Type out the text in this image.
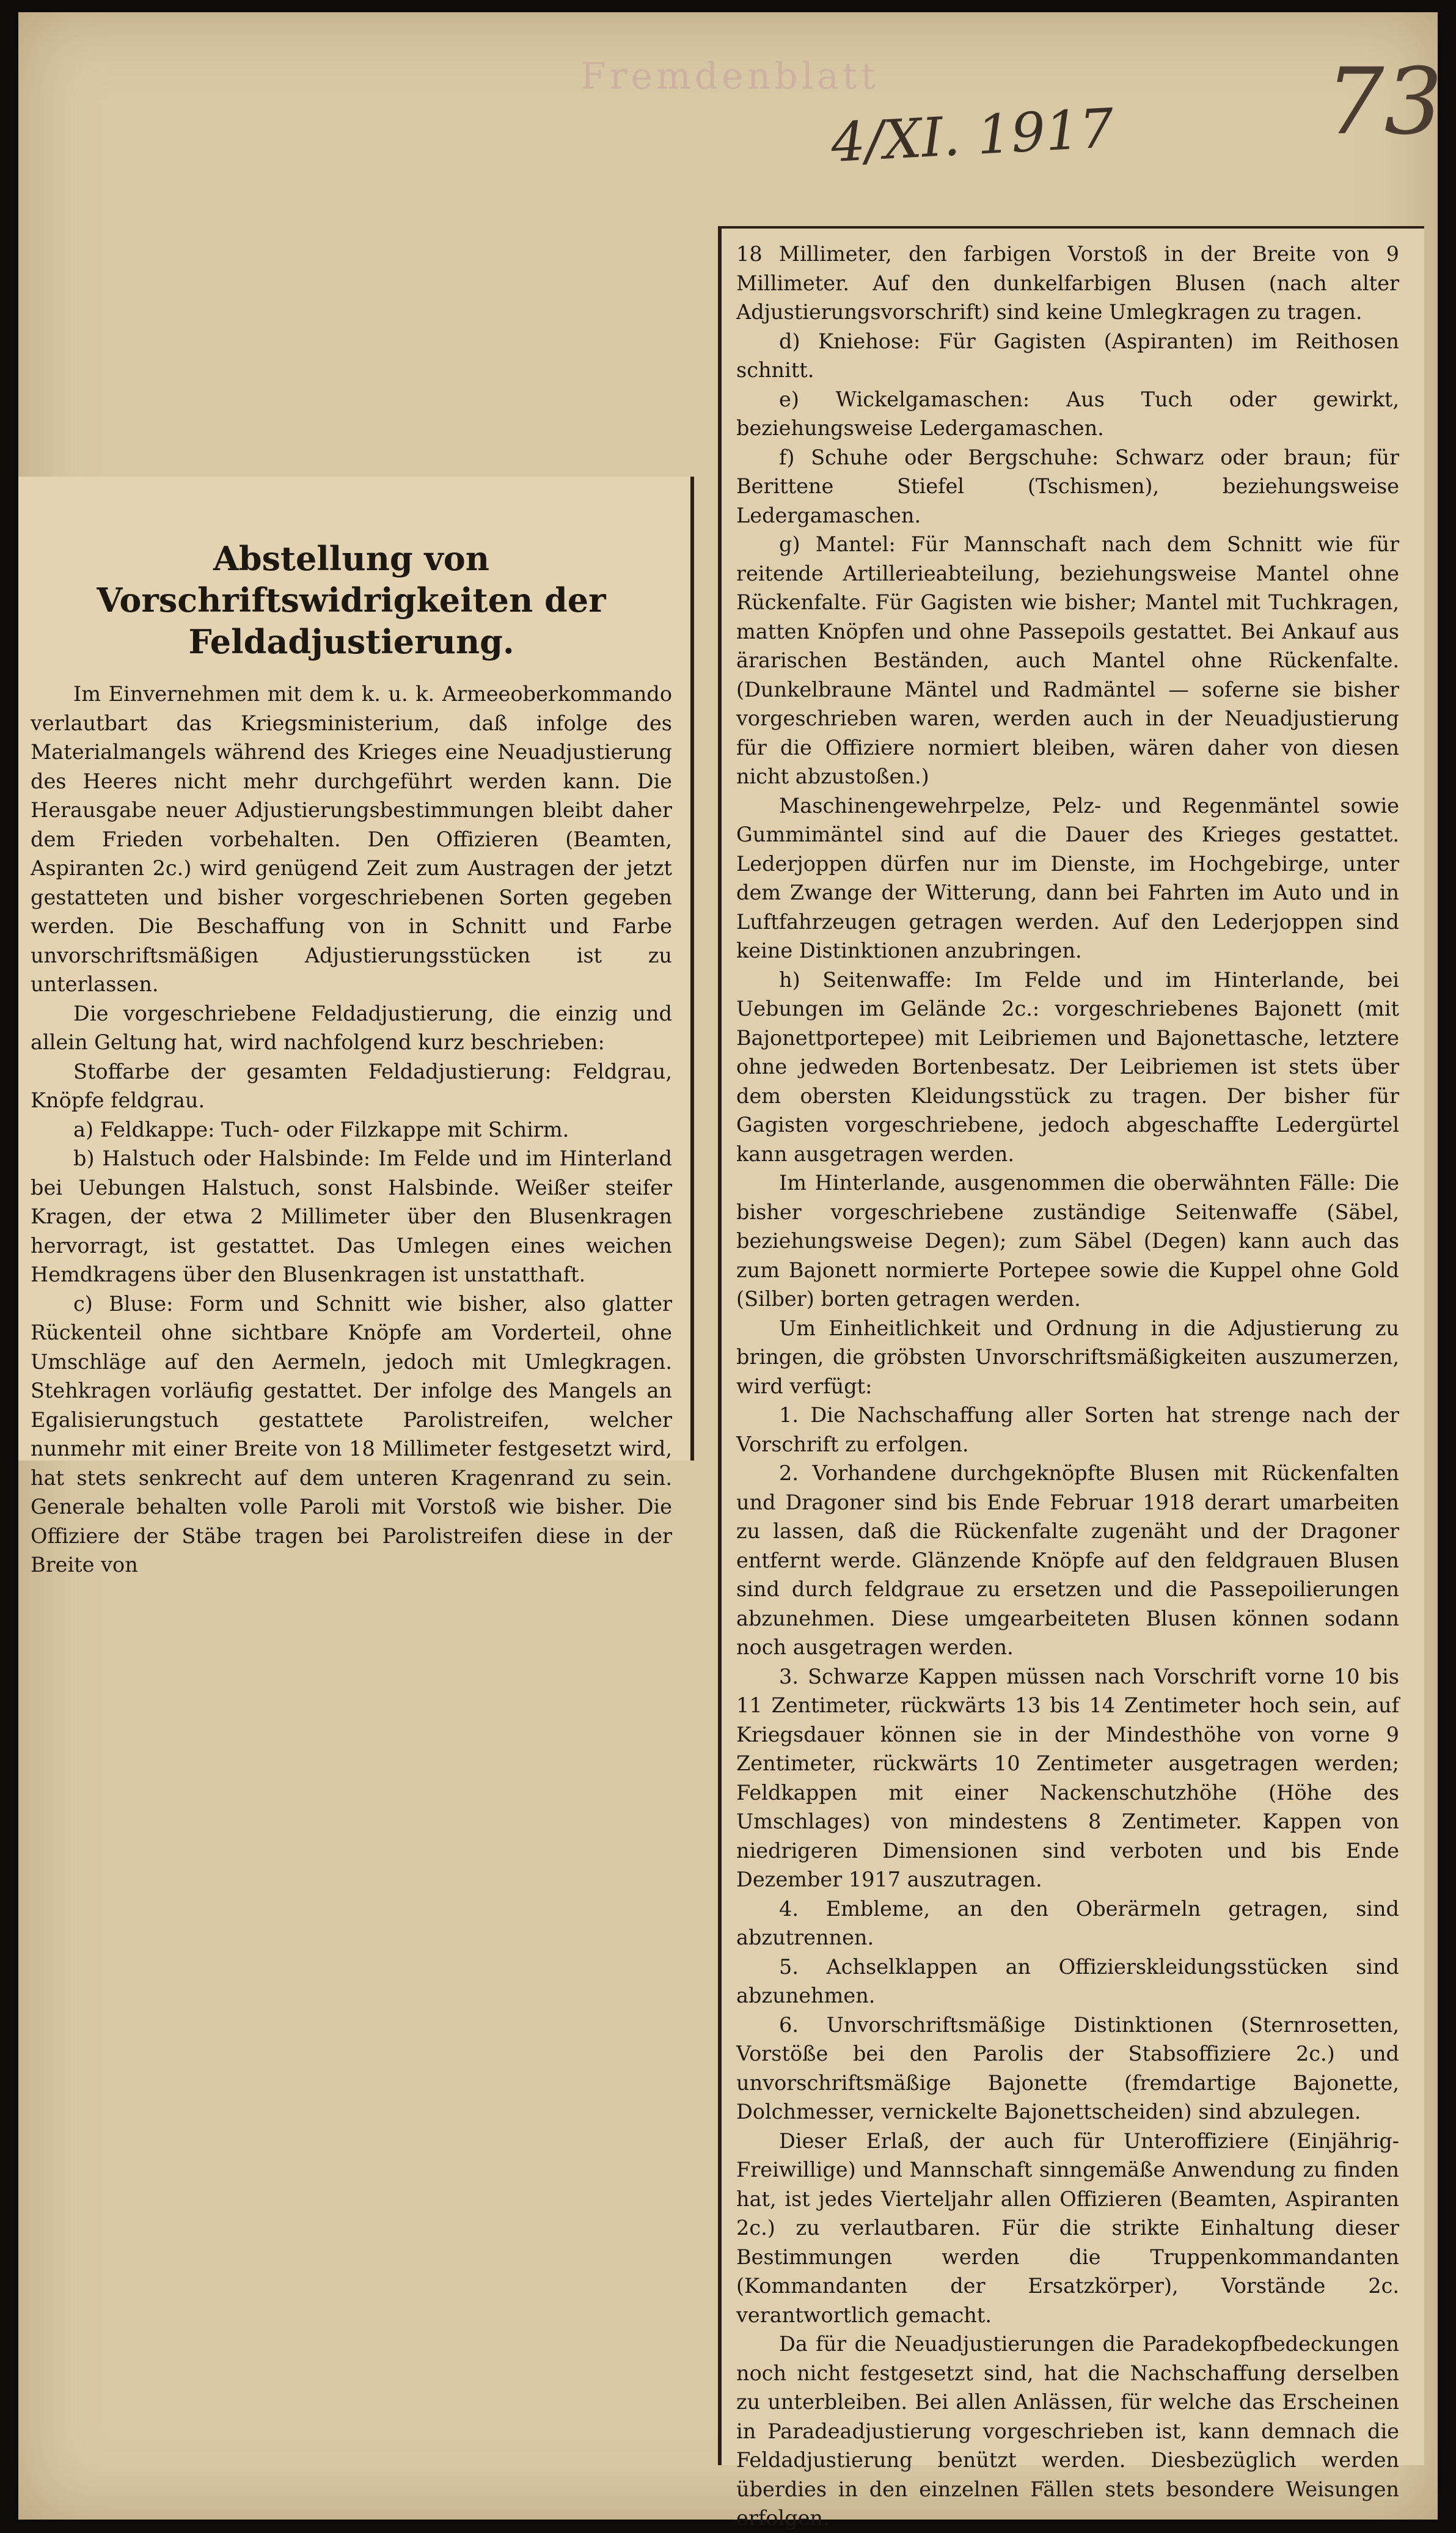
Fremdenblatt
4/XI. 1917 73
Abstellung von Vorschriftswidrigkeiten der Feldadjustierung.

Im Einvernehmen mit dem k. u. k. Armeeoberkommando verlautbart das Kriegsministerium, daß infolge des Materialmangels während des Krieges eine Neuadjustierung des Heeres nicht mehr durchgeführt werden kann. Die Herausgabe neuer Adjustierungsbestimmungen bleibt daher dem Frieden vorbehalten. Den Offizieren (Beamten, Aspiranten 2c.) wird genügend Zeit zum Austragen der jetzt gestatteten und bisher vorgeschriebenen Sorten gegeben werden. Die Beschaffung von in Schnitt und Farbe unvorschriftsmäßigen Adjustierungsstücken ist zu unterlassen.

Die vorgeschriebene Feldadjustierung, die einzig und allein Geltung hat, wird nachfolgend kurz beschrieben:

Stoffarbe der gesamten Feldadjustierung: Feldgrau, Knöpfe feldgrau.

a) Feldkappe: Tuch- oder Filzkappe mit Schirm.

b) Halstuch oder Halsbinde: Im Felde und im Hinterland bei Uebungen Halstuch, sonst Halsbinde. Weißer steifer Kragen, der etwa 2 Millimeter über den Blusenkragen hervorragt, ist gestattet. Das Umlegen eines weichen Hemdkragens über den Blusenkragen ist unstatthaft.

c) Bluse: Form und Schnitt wie bisher, also glatter Rückenteil ohne sichtbare Knöpfe am Vorderteil, ohne Umschläge auf den Aermeln, jedoch mit Umlegkragen. Stehkragen vorläufig gestattet. Der infolge des Mangels an Egalisierungstuch gestattete Parolistreifen, welcher nunmehr mit einer Breite von 18 Millimeter festgesetzt wird, hat stets senkrecht auf dem unteren Kragenrand zu sein. Generale behalten volle Paroli mit Vorstoß wie bisher. Die Offiziere der Stäbe tragen bei Parolistreifen diese in der Breite von

18 Millimeter, den farbigen Vorstoß in der Breite von 9 Millimeter. Auf den dunkelfarbigen Blusen (nach alter Adjustierungsvorschrift) sind keine Umlegkragen zu tragen.

d) Kniehose: Für Gagisten (Aspiranten) im Reithosen schnitt.

e) Wickelgamaschen: Aus Tuch oder gewirkt, beziehungsweise Ledergamaschen.

f) Schuhe oder Bergschuhe: Schwarz oder braun; für Berittene Stiefel (Tschismen), beziehungsweise Ledergamaschen.

g) Mantel: Für Mannschaft nach dem Schnitt wie für reitende Artillerieabteilung, beziehungsweise Mantel ohne Rückenfalte. Für Gagisten wie bisher; Mantel mit Tuchkragen, matten Knöpfen und ohne Passepoils gestattet. Bei Ankauf aus ärarischen Beständen, auch Mantel ohne Rückenfalte. (Dunkelbraune Mäntel und Radmäntel — soferne sie bisher vorgeschrieben waren, werden auch in der Neuadjustierung für die Offiziere normiert bleiben, wären daher von diesen nicht abzustoßen.)

Maschinengewehrpelze, Pelz- und Regenmäntel sowie Gummimäntel sind auf die Dauer des Krieges gestattet. Lederjoppen dürfen nur im Dienste, im Hochgebirge, unter dem Zwange der Witterung, dann bei Fahrten im Auto und in Luftfahrzeugen getragen werden. Auf den Lederjoppen sind keine Distinktionen anzubringen.

h) Seitenwaffe: Im Felde und im Hinterlande, bei Uebungen im Gelände 2c.: vorgeschriebenes Bajonett (mit Bajonettportepee) mit Leibriemen und Bajonettasche, letztere ohne jedweden Bortenbesatz. Der Leibriemen ist stets über dem obersten Kleidungsstück zu tragen. Der bisher für Gagisten vorgeschriebene, jedoch abgeschaffte Ledergürtel kann ausgetragen werden.

Im Hinterlande, ausgenommen die oberwähnten Fälle: Die bisher vorgeschriebene zuständige Seitenwaffe (Säbel, beziehungsweise Degen); zum Säbel (Degen) kann auch das zum Bajonett normierte Portepee sowie die Kuppel ohne Gold (Silber) borten getragen werden.

Um Einheitlichkeit und Ordnung in die Adjustierung zu bringen, die gröbsten Unvorschriftsmäßigkeiten auszumerzen, wird verfügt:

1. Die Nachschaffung aller Sorten hat strenge nach der Vorschrift zu erfolgen.

2. Vorhandene durchgeknöpfte Blusen mit Rückenfalten und Dragoner sind bis Ende Februar 1918 derart umarbeiten zu lassen, daß die Rückenfalte zugenäht und der Dragoner entfernt werde. Glänzende Knöpfe auf den feldgrauen Blusen sind durch feldgraue zu ersetzen und die Passepoilierungen abzunehmen. Diese umgearbeiteten Blusen können sodann noch ausgetragen werden.

3. Schwarze Kappen müssen nach Vorschrift vorne 10 bis 11 Zentimeter, rückwärts 13 bis 14 Zentimeter hoch sein, auf Kriegsdauer können sie in der Mindesthöhe von vorne 9 Zentimeter, rückwärts 10 Zentimeter ausgetragen werden; Feldkappen mit einer Nackenschutzhöhe (Höhe des Umschlages) von mindestens 8 Zentimeter. Kappen von niedrigeren Dimensionen sind verboten und bis Ende Dezember 1917 auszutragen.

4. Embleme, an den Oberärmeln getragen, sind abzutrennen.

5. Achselklappen an Offizierskleidungsstücken sind abzunehmen.

6. Unvorschriftsmäßige Distinktionen (Sternrosetten, Vorstöße bei den Parolis der Stabsoffiziere 2c.) und unvorschriftsmäßige Bajonette (fremdartige Bajonette, Dolchmesser, vernickelte Bajonettscheiden) sind abzulegen.

Dieser Erlaß, der auch für Unteroffiziere (Einjährig-Freiwillige) und Mannschaft sinngemäße Anwendung zu finden hat, ist jedes Vierteljahr allen Offizieren (Beamten, Aspiranten 2c.) zu verlautbaren. Für die strikte Einhaltung dieser Bestimmungen werden die Truppenkommandanten (Kommandanten der Ersatzkörper), Vorstände 2c. verantwortlich gemacht.

Da für die Neuadjustierungen die Paradekopfbedeckungen noch nicht festgesetzt sind, hat die Nachschaffung derselben zu unterbleiben. Bei allen Anlässen, für welche das Erscheinen in Paradeadjustierung vorgeschrieben ist, kann demnach die Feldadjustierung benützt werden. Diesbezüglich werden überdies in den einzelnen Fällen stets besondere Weisungen erfolgen.
